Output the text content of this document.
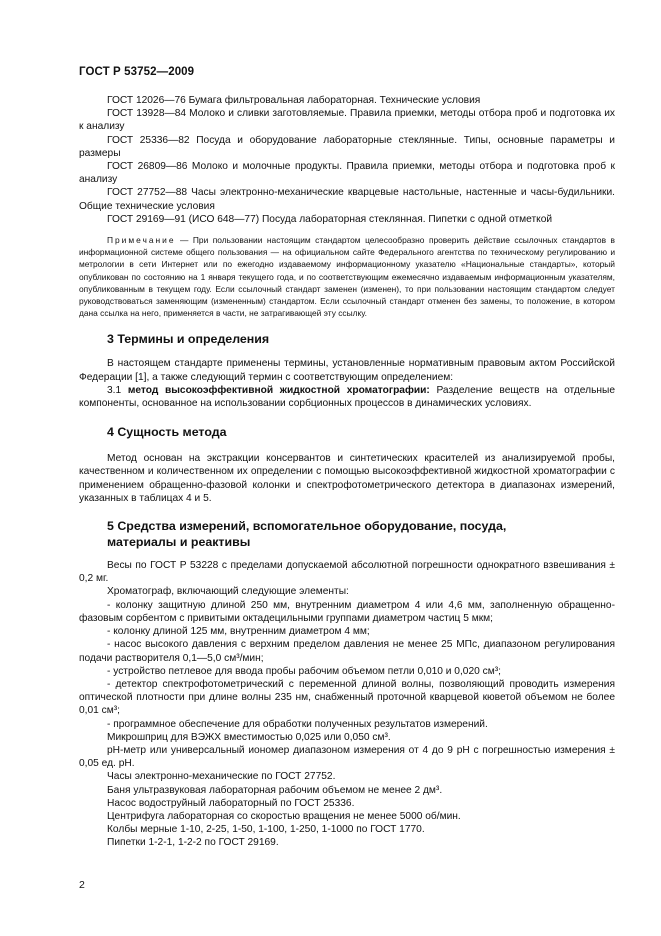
ГОСТ Р 53752—2009

ГОСТ 12026—76 Бумага фильтровальная лабораторная. Технические условия

ГОСТ 13928—84 Молоко и сливки заготовляемые. Правила приемки, методы отбора проб и подготовка их к анализу

ГОСТ 25336—82 Посуда и оборудование лабораторные стеклянные. Типы, основные параметры и размеры

ГОСТ 26809—86 Молоко и молочные продукты. Правила приемки, методы отбора и подготовка проб к анализу

ГОСТ 27752—88 Часы электронно-механические кварцевые настольные, настенные и часы-будильники. Общие технические условия

ГОСТ 29169—91 (ИСО 648—77) Посуда лабораторная стеклянная. Пипетки с одной отметкой

Примечание — При пользовании настоящим стандартом целесообразно проверить действие ссылочных стандартов в информационной системе общего пользования — на официальном сайте Федерального агентства по техническому регулированию и метрологии в сети Интернет или по ежегодно издаваемому информационному указателю «Национальные стандарты», который опубликован по состоянию на 1 января текущего года, и по соответствующим ежемесячно издаваемым информационным указателям, опубликованным в текущем году. Если ссылочный стандарт заменен (изменен), то при пользовании настоящим стандартом следует руководствоваться заменяющим (измененным) стандартом. Если ссылочный стандарт отменен без замены, то положение, в котором дана ссылка на него, применяется в части, не затрагивающей эту ссылку.

3 Термины и определения

В настоящем стандарте применены термины, установленные нормативным правовым актом Российской Федерации [1], а также следующий термин с соответствующим определением:

3.1 метод высокоэффективной жидкостной хроматографии: Разделение веществ на отдельные компоненты, основанное на использовании сорбционных процессов в динамических условиях.

4 Сущность метода

Метод основан на экстракции консервантов и синтетических красителей из анализируемой пробы, качественном и количественном их определении с помощью высокоэффективной жидкостной хроматографии с применением обращенно-фазовой колонки и спектрофотометрического детектора в диапазонах измерений, указанных в таблицах 4 и 5.

5 Средства измерений, вспомогательное оборудование, посуда,
материалы и реактивы

Весы по ГОСТ Р 53228 с пределами допускаемой абсолютной погрешности однократного взвешивания ± 0,2 мг.

Хроматограф, включающий следующие элементы:

- колонку защитную длиной 250 мм, внутренним диаметром 4 или 4,6 мм, заполненную обращенно-фазовым сорбентом с привитыми октадецильными группами диаметром частиц 5 мкм;

- колонку длиной 125 мм, внутренним диаметром 4 мм;

- насос высокого давления с верхним пределом давления не менее 25 МПс, диапазоном регулирования подачи растворителя 0,1—5,0 см³/мин;

- устройство петлевое для ввода пробы рабочим объемом петли 0,010 и 0,020 см³;

- детектор спектрофотометрический с переменной длиной волны, позволяющий проводить измерения оптической плотности при длине волны 235 нм, снабженный проточной кварцевой кюветой объемом не более 0,01 см³;

- программное обеспечение для обработки полученных результатов измерений.

Микрошприц для ВЭЖХ вместимостью 0,025 или 0,050 см³.

рН-метр или универсальный иономер диапазоном измерения от 4 до 9 рН с погрешностью измерения ± 0,05 ед. рН.

Часы электронно-механические по ГОСТ 27752.

Баня ультразвуковая лабораторная рабочим объемом не менее 2 дм³.

Насос водоструйный лабораторный по ГОСТ 25336.

Центрифуга лабораторная со скоростью вращения не менее 5000 об/мин.

Колбы мерные 1-10, 2-25, 1-50, 1-100, 1-250, 1-1000 по ГОСТ 1770.

Пипетки 1-2-1, 1-2-2 по ГОСТ 29169.

2
